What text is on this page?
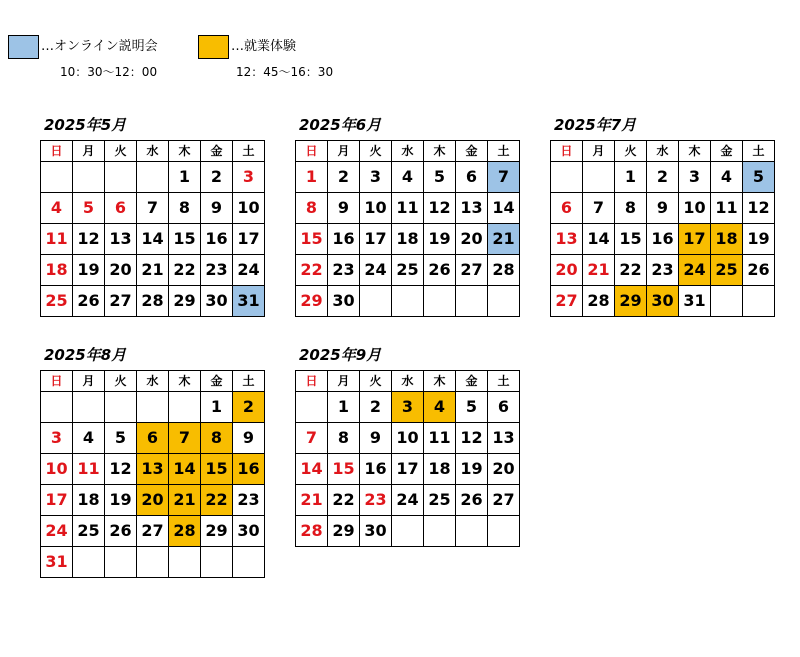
…オンライン説明会
10：30〜12：00
…就業体験
12：45〜16：30
2025年5月
日	月	火	水	木	金	土
				1	2	3
4	5	6	7	8	9	10
11	12	13	14	15	16	17
18	19	20	21	22	23	24
25	26	27	28	29	30	31
2025年6月
日	月	火	水	木	金	土
1	2	3	4	5	6	7
8	9	10	11	12	13	14
15	16	17	18	19	20	21
22	23	24	25	26	27	28
29	30					
2025年7月
日	月	火	水	木	金	土
		1	2	3	4	5
6	7	8	9	10	11	12
13	14	15	16	17	18	19
20	21	22	23	24	25	26
27	28	29	30	31		
2025年8月
日	月	火	水	木	金	土
					1	2
3	4	5	6	7	8	9
10	11	12	13	14	15	16
17	18	19	20	21	22	23
24	25	26	27	28	29	30
31						
2025年9月
日	月	火	水	木	金	土
	1	2	3	4	5	6
7	8	9	10	11	12	13
14	15	16	17	18	19	20
21	22	23	24	25	26	27
28	29	30				
